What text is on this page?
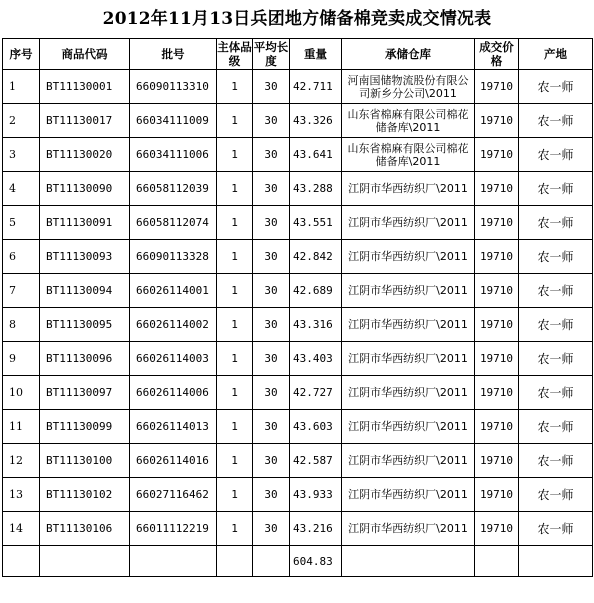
2012年11月13日兵团地方储备棉竞卖成交情况表
序号	商品代码	批号	主体品级	平均长度	重量	承储仓库	成交价格	产地
1	BT11130001	66090113310	1	30	42.711	河南国储物流股份有限公司新乡分公司\2011	19710	农一师
2	BT11130017	66034111009	1	30	43.326	山东省棉麻有限公司棉花储备库\2011	19710	农一师
3	BT11130020	66034111006	1	30	43.641	山东省棉麻有限公司棉花储备库\2011	19710	农一师
4	BT11130090	66058112039	1	30	43.288	江阴市华西纺织厂\2011	19710	农一师
5	BT11130091	66058112074	1	30	43.551	江阴市华西纺织厂\2011	19710	农一师
6	BT11130093	66090113328	1	30	42.842	江阴市华西纺织厂\2011	19710	农一师
7	BT11130094	66026114001	1	30	42.689	江阴市华西纺织厂\2011	19710	农一师
8	BT11130095	66026114002	1	30	43.316	江阴市华西纺织厂\2011	19710	农一师
9	BT11130096	66026114003	1	30	43.403	江阴市华西纺织厂\2011	19710	农一师
10	BT11130097	66026114006	1	30	42.727	江阴市华西纺织厂\2011	19710	农一师
11	BT11130099	66026114013	1	30	43.603	江阴市华西纺织厂\2011	19710	农一师
12	BT11130100	66026114016	1	30	42.587	江阴市华西纺织厂\2011	19710	农一师
13	BT11130102	66027116462	1	30	43.933	江阴市华西纺织厂\2011	19710	农一师
14	BT11130106	66011112219	1	30	43.216	江阴市华西纺织厂\2011	19710	农一师
					604.83			
